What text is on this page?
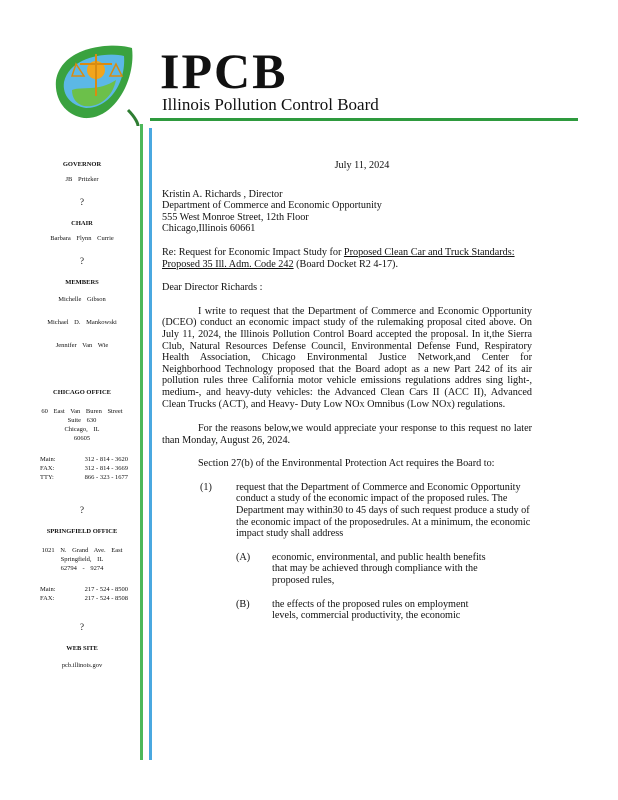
IPCB

Illinois Pollution Control Board

GOVERNOR
JB Pritzker
?
CHAIR
Barbara Flynn Currie
?
MEMBERS
Michelle Gibson
Michael D. Mankowski
Jennifer Van Wie
CHICAGO OFFICE
60 East Van Buren Street
Suite 630
Chicago, IL
60605
Main:	312 - 814 - 3620
FAX:	312 - 814 - 3669
TTY:	866 - 323 - 1677
?
SPRINGFIELD OFFICE
1021 N. Grand Ave. East
Springfield, IL
62794 - 9274
Main:	217 - 524 - 8500
FAX:	217 - 524 - 8508
?
WEB SITE
pcb.illinois.gov

July 11, 2024

Kristin A. Richards , Director

Department of Commerce and Economic Opportunity

555 West Monroe Street, 12th Floor

Chicago,Illinois 60661

Re: Request for Economic Impact Study for Proposed Clean Car and Truck Standards: Proposed 35 Ill. Adm. Code 242 (Board Docket R2 4-17).

Dear Director Richards :

I write to request that the Department of Commerce and Economic Opportunity (DCEO) conduct an economic impact study of the rulemaking proposal cited above. On July 11, 2024, the Illinois Pollution Control Board accepted the proposal. In it,the Sierra Club, Natural Resources Defense Council, Environmental Defense Fund, Respiratory Health Association, Chicago Environmental Justice Network,and Center for Neighborhood Technology proposed that the Board adopt as a new Part 242 of its air pollution rules three California motor vehicle emissions regulations addres sing light-, medium-, and heavy-duty vehicles: the Advanced Clean Cars II (ACC II), Advanced Clean Trucks (ACT), and Heavy- Duty Low NOX Omnibus (Low NOX) regulations.

For the reasons below,we would appreciate your response to this request no later than Monday, August 26, 2024.

Section 27(b) of the Environmental Protection Act requires the Board to:

(1)	request that the Department of Commerce and Economic Opportunity conduct a study of the economic impact of the proposed rules. The Department may within30 to 45 days of such request produce a study of the economic impact of the proposedrules. At a minimum, the economic impact study shall address
(A)	economic, environmental, and public health benefits that may be achieved through compliance with the proposed rules,
(B)	the effects of the proposed rules on employment levels, commercial productivity, the economic
